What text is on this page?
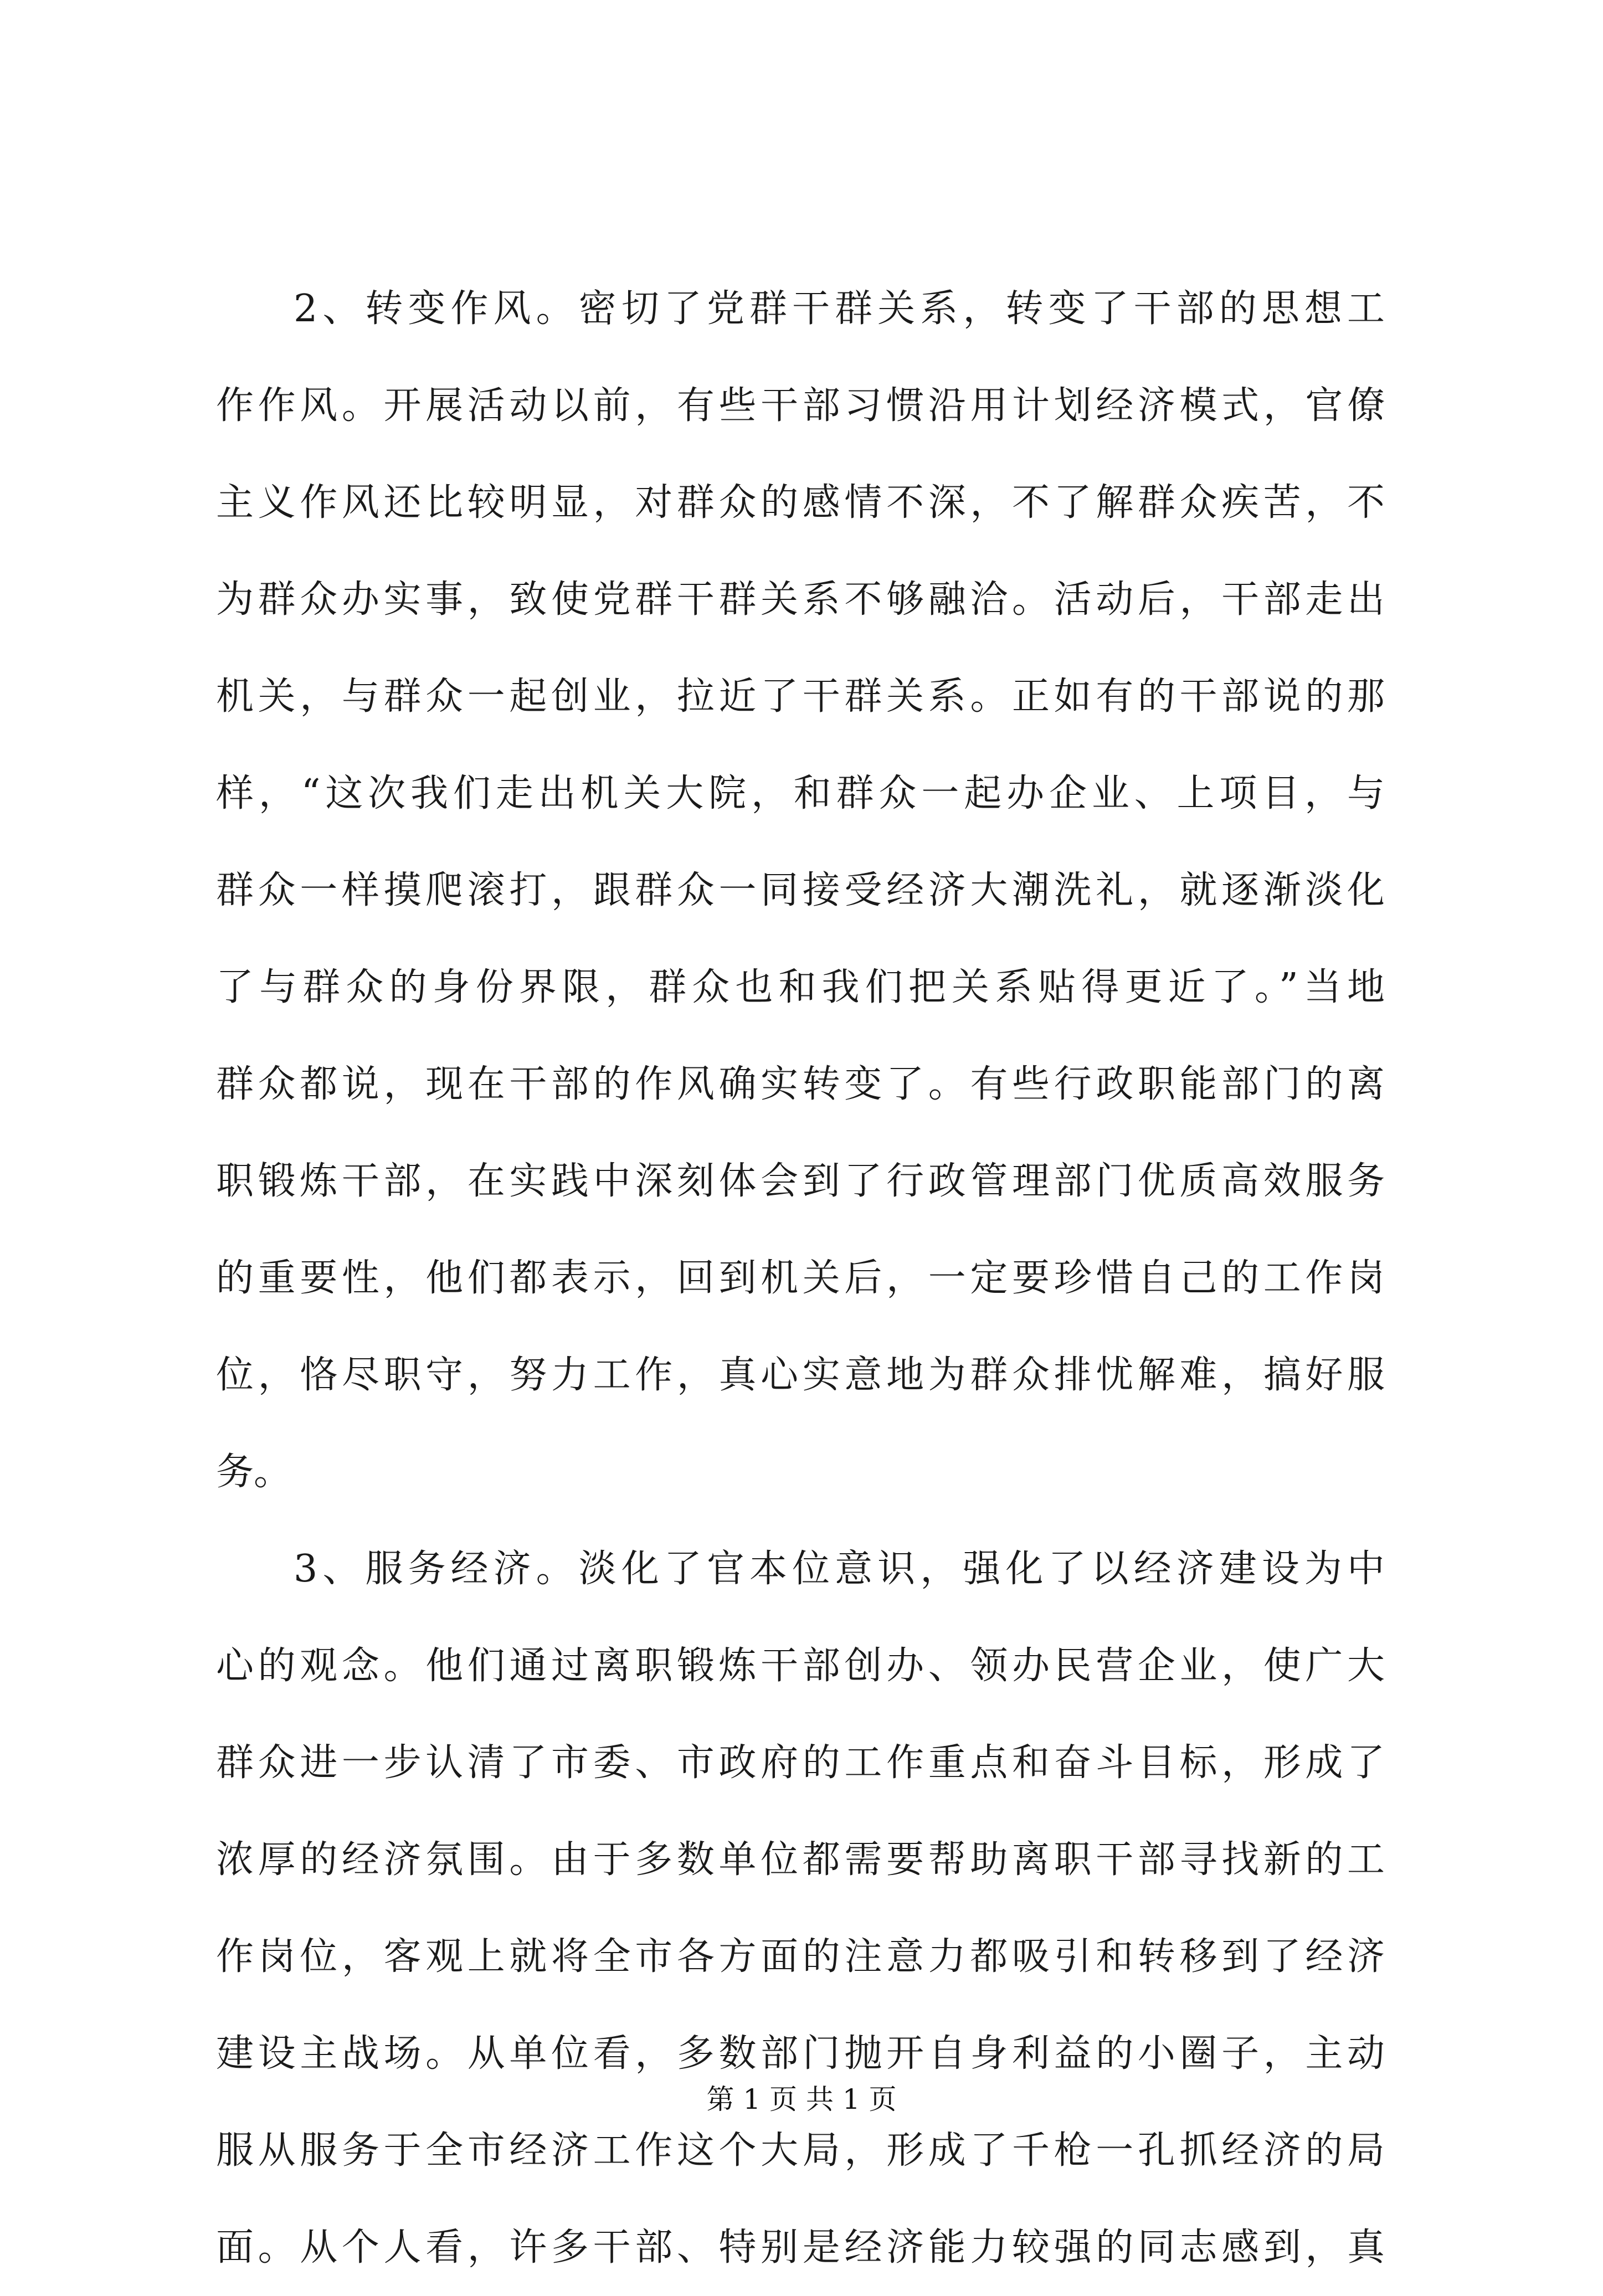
2、转变作风。密切了党群干群关系，转变了干部的思想工
作作风。开展活动以前，有些干部习惯沿用计划经济模式，官僚
主义作风还比较明显，对群众的感情不深，不了解群众疾苦，不
为群众办实事，致使党群干群关系不够融洽。活动后，干部走出
机关，与群众一起创业，拉近了干群关系。正如有的干部说的那
样，“这次我们走出机关大院，和群众一起办企业、上项目，与
群众一样摸爬滚打，跟群众一同接受经济大潮洗礼，就逐渐淡化
了与群众的身份界限，群众也和我们把关系贴得更近了。”当地
群众都说，现在干部的作风确实转变了。有些行政职能部门的离
职锻炼干部，在实践中深刻体会到了行政管理部门优质高效服务
的重要性，他们都表示，回到机关后，一定要珍惜自己的工作岗
位，恪尽职守，努力工作，真心实意地为群众排忧解难，搞好服
务。
3、服务经济。淡化了官本位意识，强化了以经济建设为中
心的观念。他们通过离职锻炼干部创办、领办民营企业，使广大
群众进一步认清了市委、市政府的工作重点和奋斗目标，形成了
浓厚的经济氛围。由于多数单位都需要帮助离职干部寻找新的工
作岗位，客观上就将全市各方面的注意力都吸引和转移到了经济
建设主战场。从单位看，多数部门抛开自身利益的小圈子，主动
服从服务于全市经济工作这个大局，形成了千枪一孔抓经济的局
面。从个人看，许多干部、特别是经济能力较强的同志感到，真
第 1 页 共 1 页
